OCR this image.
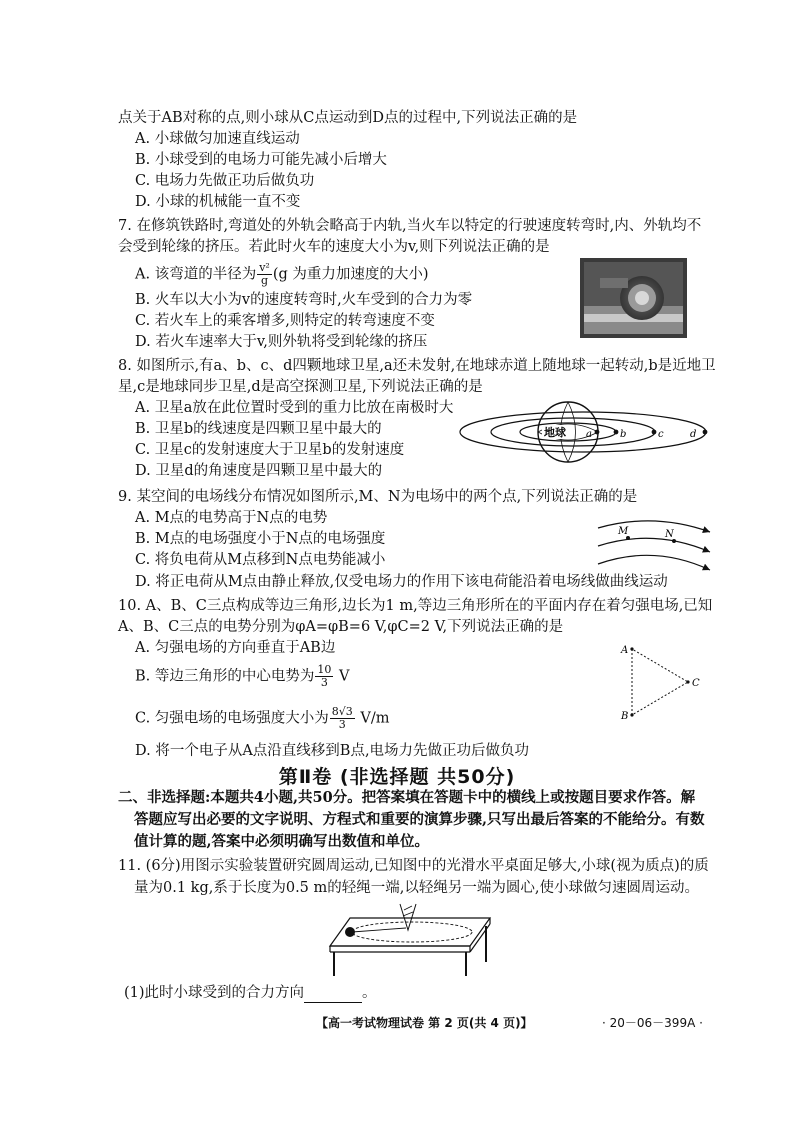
点关于AB对称的点,则小球从C点运动到D点的过程中,下列说法正确的是
A. 小球做匀加速直线运动
B. 小球受到的电场力可能先减小后增大
C. 电场力先做正功后做负功
D. 小球的机械能一直不变
7. 在修筑铁路时,弯道处的外轨会略高于内轨,当火车以特定的行驶速度转弯时,内、外轨均不
会受到轮缘的挤压。若此时火车的速度大小为v,则下列说法正确的是
A. 该弯道的半径为 $\frac{\text{v²}}{g} (g$ 为重力加速度的大小)
B. 火车以大小为v的速度转弯时,火车受到的合力为零
C. 若火车上的乘客增多,则特定的转弯速度不变
D. 若火车速率大于v,则外轨将受到轮缘的挤压
8. 如图所示,有a、b、c、d四颗地球卫星,a还未发射,在地球赤道上随地球一起转动,b是近地卫
星,c是地球同步卫星,d是高空探测卫星,下列说法正确的是
A. 卫星a放在此位置时受到的重力比放在南极时大
B. 卫星b的线速度是四颗卫星中最大的
C. 卫星c的发射速度大于卫星b的发射速度
D. 卫星d的角速度是四颗卫星中最大的
地球 a	b	c	d
9. 某空间的电场线分布情况如图所示,M、N为电场中的两个点,下列说法正确的是
A. M点的电势高于N点的电势
B. M点的电场强度小于N点的电场强度
C. 将负电荷从M点移到N点电势能减小
D. 将正电荷从M点由静止释放,仅受电场力的作用下该电荷能沿着电场线做曲线运动
M	N
10. A、B、C三点构成等边三角形,边长为1 m,等边三角形所在的平面内存在着匀强电场,已知
A、B、C三点的电势分别为φA=φB=6 V,φC=2 V,下列说法正确的是
A. 匀强电场的方向垂直于AB边
B. 等边三角形的中心电势为 $\frac{10}{3}$ V
C. 匀强电场的电场强度大小为 $\frac{8√3}{3} V/m$
D. 将一个电子从A点沿直线移到B点,电场力先做正功后做负功
A
B
C
第Ⅱ卷 (非选择题 共50分)
二、非选择题:本题共4小题,共50分。把答案填在答题卡中的横线上或按题目要求作答。解
答题应写出必要的文字说明、方程式和重要的演算步骤,只写出最后答案的不能给分。有数
值计算的题,答案中必须明确写出数值和单位。
11. (6分)用图示实验装置研究圆周运动,已知图中的光滑水平桌面足够大,小球(视为质点)的质
量为0.1 kg,系于长度为0.5 m的轻绳一端,以轻绳另一端为圆心,使小球做匀速圆周运动。
(1)此时小球受到的合力方向	。
【高一考试物理试卷 第 2 页(共 4 页)】	· 20－06－399A ·
